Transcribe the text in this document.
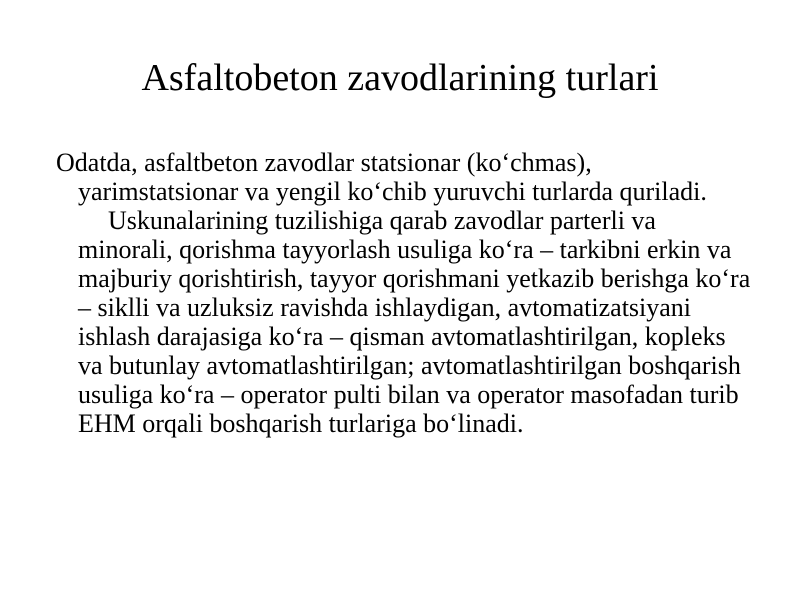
Asfaltobeton zavodlarining turlari

Odatda, asfaltbeton zavodlar statsionar (ko‘chmas), yarimstatsionar va yengil ko‘chib yuruvchi turlarda quriladi.

Uskunalarining tuzilishiga qarab zavodlar parterli va minorali, qorishma tayyorlash usuliga ko‘ra – tarkibni erkin va majburiy qorishtirish, tayyor qorishmani yetkazib berishga ko‘ra – siklli va uzluksiz ravishda ishlaydigan, avtomatizatsiyani ishlash darajasiga ko‘ra – qisman avtomatlashtirilgan, kopleks va butunlay avtomatlashtirilgan; avtomatlashtirilgan boshqarish usuliga ko‘ra – operator pulti bilan va operator masofadan turib EHM orqali boshqarish turlariga bo‘linadi.
